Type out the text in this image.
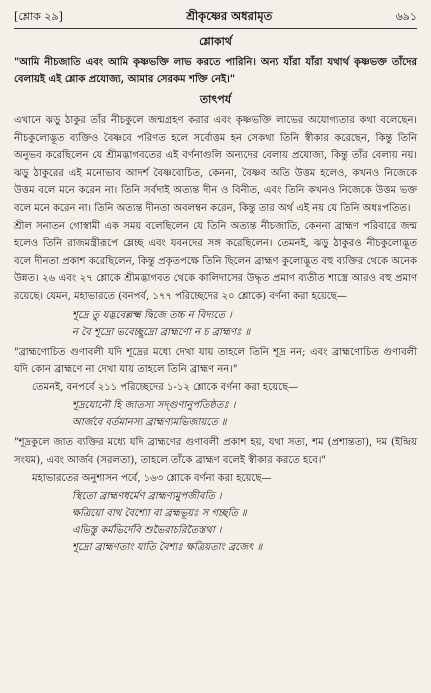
[শ্লোক ২৯]	শ্রীকৃষ্ণের অধরামৃত	৬৯১
শ্লোকার্থ
"আমি নীচজাতি এবং আমি কৃষ্ণভক্তি লাভ করতে পারিনি। অন্য যাঁরা যাঁরা যথার্থ কৃষ্ণভক্ত তাঁদের বেলায়ই এই শ্লোক প্রযোজ্য, আমার সেরকম শক্তি নেই।"
তাৎপর্য

এখানে ঝড়ু ঠাকুর তাঁর নীচকুলে জন্মগ্রহণ করার এবং কৃষ্ণভক্তি লাভের অযোগ্যতার কথা বলেছেন। নীচকুলোদ্ভূত ব্যক্তিও বৈষ্ণবে পরিণত হলে সর্বোত্তম হন সেকথা তিনি স্বীকার করেছেন, কিন্তু তিনি অনুভব করেছিলেন যে শ্রীমদ্ভাগবতের এই বর্ণনাগুলি অন্যদের বেলায় প্রযোজ্য, কিন্তু তাঁর বেলায় নয়। ঝড়ু ঠাকুরের এই মনোভাব আদর্শ বৈষ্ণবোচিত, কেননা, বৈষ্ণব অতি উত্তম হলেও, কখনও নিজেকে উত্তম বলে মনে করেন না। তিনি সর্বদাই অত্যন্ত দীন ও বিনীত, এবং তিনি কখনও নিজেকে উত্তম ভক্ত বলে মনে করেন না। তিনি অত্যন্ত দীনতা অবলম্বন করেন, কিন্তু তার অর্থ এই নয় যে তিনি অধঃপতিত।

শ্রীল সনাতন গোস্বামী এক সময় বলেছিলেন যে তিনি অত্যন্ত নীচজাতি, কেননা ব্রাহ্মণ পরিবারে জন্ম হলেও তিনি রাজমন্ত্রীরূপে ম্লেচ্ছ এবং যবনদের সঙ্গ করেছিলেন। তেমনই, ঝড়ু ঠাকুরও নীচকুলোদ্ভূত বলে দীনতা প্রকাশ করেছিলেন, কিন্তু প্রকৃতপক্ষে তিনি ছিলেন ব্রাহ্মণ কুলোদ্ভূত বহু ব্যক্তির থেকে অনেক উন্নত। ২৬ এবং ২৭ শ্লোকে শ্রীমদ্ভাগবত থেকে কালিদাসের উদ্ধৃত প্রমাণ ব্যতীত শাস্ত্রে আরও বহু প্রমাণ রয়েছে। যেমন, মহাভারতে (বনপর্ব, ১৭৭ পরিচ্ছেদের ২০ শ্লোকে) বর্ণনা করা হয়েছে—

শূদ্রে তু যদ্ভবেল্লক্ষ্ম দ্বিজে তচ্চ ন বিদ্যতে ।
ন বৈ শূদ্রো ভবেচ্ছূদ্রো ব্রাহ্মণো ন চ ব্রাহ্মণঃ ॥

"ব্রাহ্মণোচিত গুণাবলী যদি শূদ্রের মধ্যে দেখা যায় তাহলে তিনি শূদ্র নন; এবং ব্রাহ্মণোচিত গুণাবলী যদি কোন ব্রাহ্মণে না দেখা যায় তাহলে তিনি ব্রাহ্মণ নন।"

তেমনই, বনপর্বে ২১১ পরিচ্ছেদের ১-১২ শ্লোকে বর্ণনা করা হয়েছে—

শূদ্রযোনৌ হি জাতস্য সদ্গুণানুপতিষ্ঠতঃ ।
আর্জবে বর্তমানস্য ব্রাহ্মণ্যমভিজায়তে ॥

"শূদ্রকুলে জাত ব্যক্তির মধ্যে যদি ব্রাহ্মণের গুণাবলী প্রকাশ হয়, যথা সত্য, শম (প্রশান্ততা), দম (ইন্দ্রিয় সংযম), এবং আর্জব (সরলতা), তাহলে তাঁকে ব্রাহ্মণ বলেই স্বীকার করতে হবে।"

মহাভারতের অনুশাসন পর্বে, ১৬৩ শ্লোকে বর্ণনা করা হয়েছে—

স্থিতো ব্রাহ্মণধর্মেণ ব্রাহ্মণ্যমুপজীবতি ।
ক্ষত্রিয়ো বাথ বৈশ্যো বা ব্রহ্মভূয়ঃ স গচ্ছতি ॥
এভিস্তু কর্মভির্দেবি শুভৈরাচরিতৈস্তথা ।
শূদ্রো ব্রাহ্মণতাং যাতি বৈশ্যঃ ক্ষত্রিয়তাং ব্রজেৎ ॥
